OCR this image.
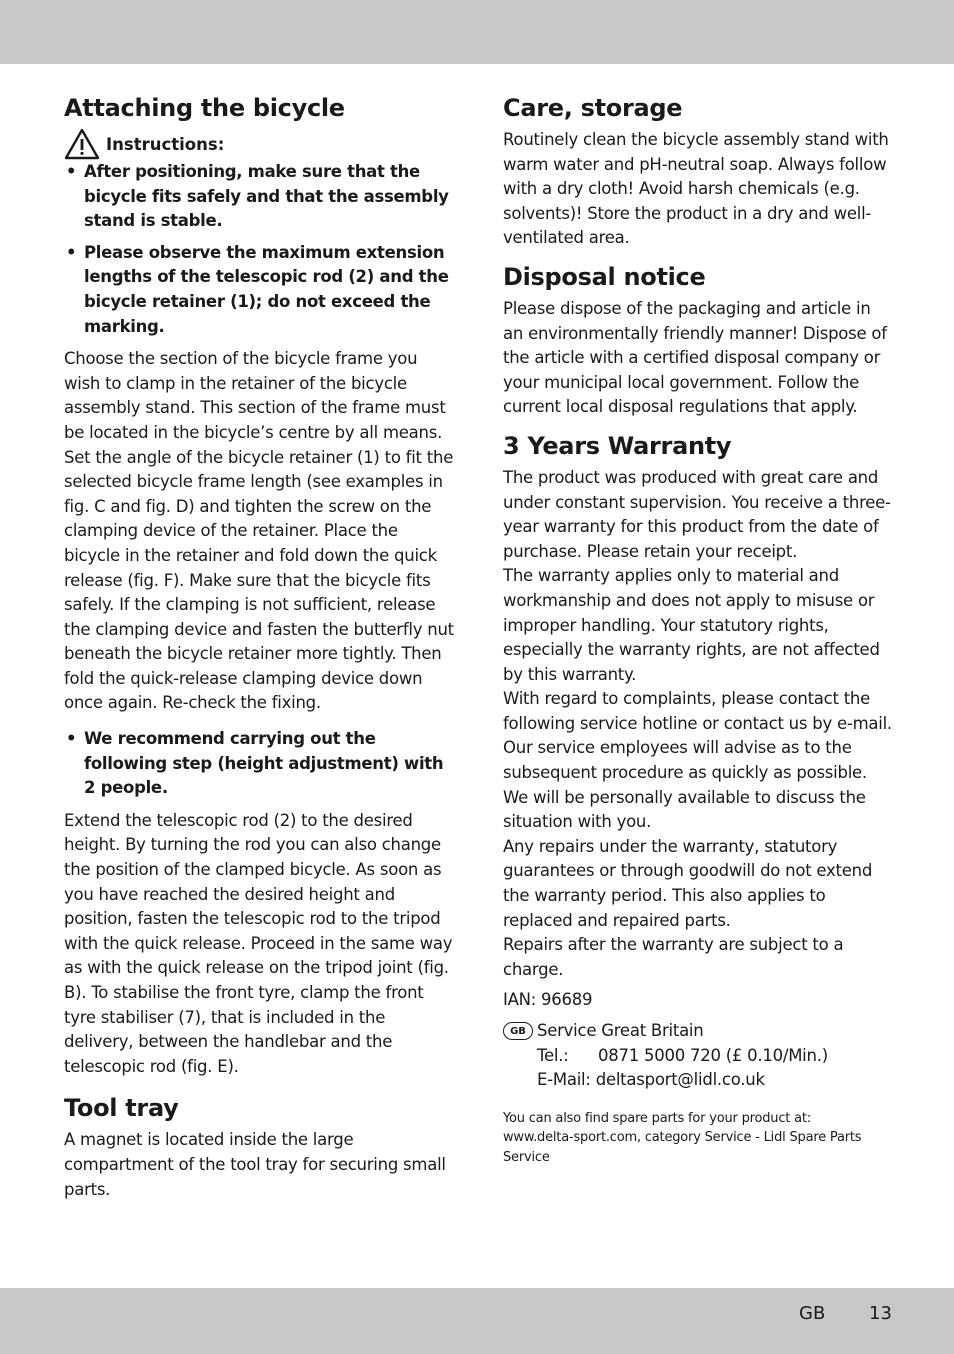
Attaching the bicycle
Instructions:
• After positioning, make sure that the bicycle fits safely and that the assembly stand is stable.
• Please observe the maximum extension lengths of the telescopic rod (2) and the bicycle retainer (1); do not exceed the marking.

Choose the section of the bicycle frame you wish to clamp in the retainer of the bicycle assembly stand. This section of the frame must be located in the bicycle’s centre by all means. Set the angle of the bicycle retainer (1) to fit the selected bicycle frame length (see examples in fig. C and fig. D) and tighten the screw on the clamping device of the retainer. Place the bicycle in the retainer and fold down the quick release (fig. F). Make sure that the bicycle fits safely. If the clamping is not sufficient, release the clamping device and fasten the butterfly nut beneath the bicycle retainer more tightly. Then fold the quick-release clamping device down once again. Re-check the fixing.

• We recommend carrying out the following step (height adjustment) with 2 people.

Extend the telescopic rod (2) to the desired height. By turning the rod you can also change the position of the clamped bicycle. As soon as you have reached the desired height and position, fasten the telescopic rod to the tripod with the quick release. Proceed in the same way as with the quick release on the tripod joint (fig. B). To stabilise the front tyre, clamp the front tyre stabiliser (7), that is included in the delivery, between the handlebar and the telescopic rod (fig. E).

Tool tray

A magnet is located inside the large compartment of the tool tray for securing small parts.

Care, storage

Routinely clean the bicycle assembly stand with warm water and pH-neutral soap. Always follow with a dry cloth! Avoid harsh chemicals (e.g. solvents)! Store the product in a dry and well-ventilated area.

Disposal notice

Please dispose of the packaging and article in an environmentally friendly manner! Dispose of the article with a certified disposal company or your municipal local government. Follow the current local disposal regulations that apply.

3 Years Warranty

The product was produced with great care and under constant supervision. You receive a three-year warranty for this product from the date of purchase. Please retain your receipt.

The warranty applies only to material and workmanship and does not apply to misuse or improper handling. Your statutory rights, especially the warranty rights, are not affected by this warranty.

With regard to complaints, please contact the following service hotline or contact us by e-mail. Our service employees will advise as to the subsequent procedure as quickly as possible. We will be personally available to discuss the situation with you.

Any repairs under the warranty, statutory guarantees or through goodwill do not extend the warranty period. This also applies to replaced and repaired parts.

Repairs after the warranty are subject to a charge.

IAN: 96689

GB Service Great Britain
Tel.:	0871 5000 720 (£ 0.10/Min.)
E-Mail:
deltasport@lidl.co.uk

You can also find spare parts for your product at:

www.delta-sport.com, category Service - Lidl Spare Parts Service

GB 13
